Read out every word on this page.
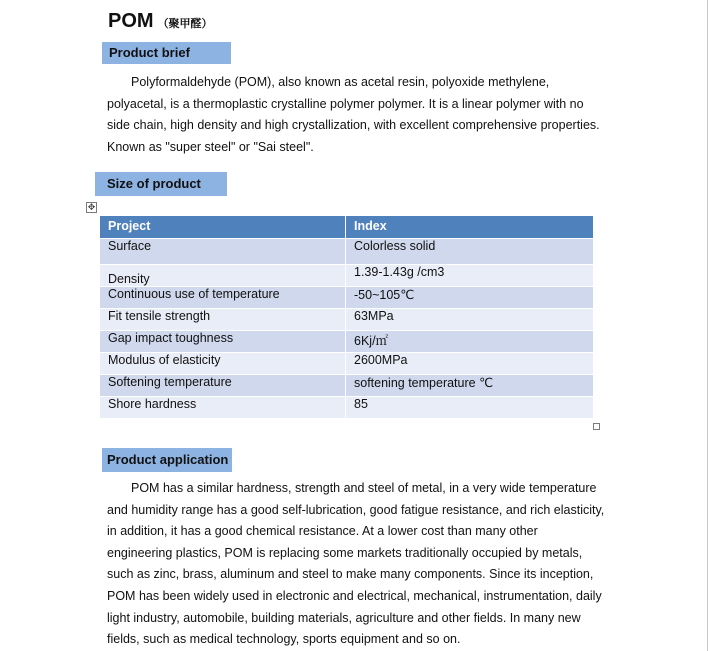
POM （聚甲醛）
Product brief

Polyformaldehyde (POM), also known as acetal resin, polyoxide methylene,
polyacetal, is a thermoplastic crystalline polymer polymer. It is a linear polymer with no
side chain, high density and high crystallization, with excellent comprehensive properties.
Known as "super steel" or "Sai steel".

Size of product
✥
Project	Index
Surface	Colorless solid
Density	1.39-1.43g /cm3
Continuous use of temperature	-50~105℃
Fit tensile strength	63MPa
Gap impact toughness	6Kj/㎡
Modulus of elasticity	2600MPa
Softening temperature	softening temperature ℃
Shore hardness	85
Product application

POM has a similar hardness, strength and steel of metal, in a very wide temperature
and humidity range has a good self-lubrication, good fatigue resistance, and rich elasticity,
in addition, it has a good chemical resistance. At a lower cost than many other
engineering plastics, POM is replacing some markets traditionally occupied by metals,
such as zinc, brass, aluminum and steel to make many components. Since its inception,
POM has been widely used in electronic and electrical, mechanical, instrumentation, daily
light industry, automobile, building materials, agriculture and other fields. In many new
fields, such as medical technology, sports equipment and so on.
